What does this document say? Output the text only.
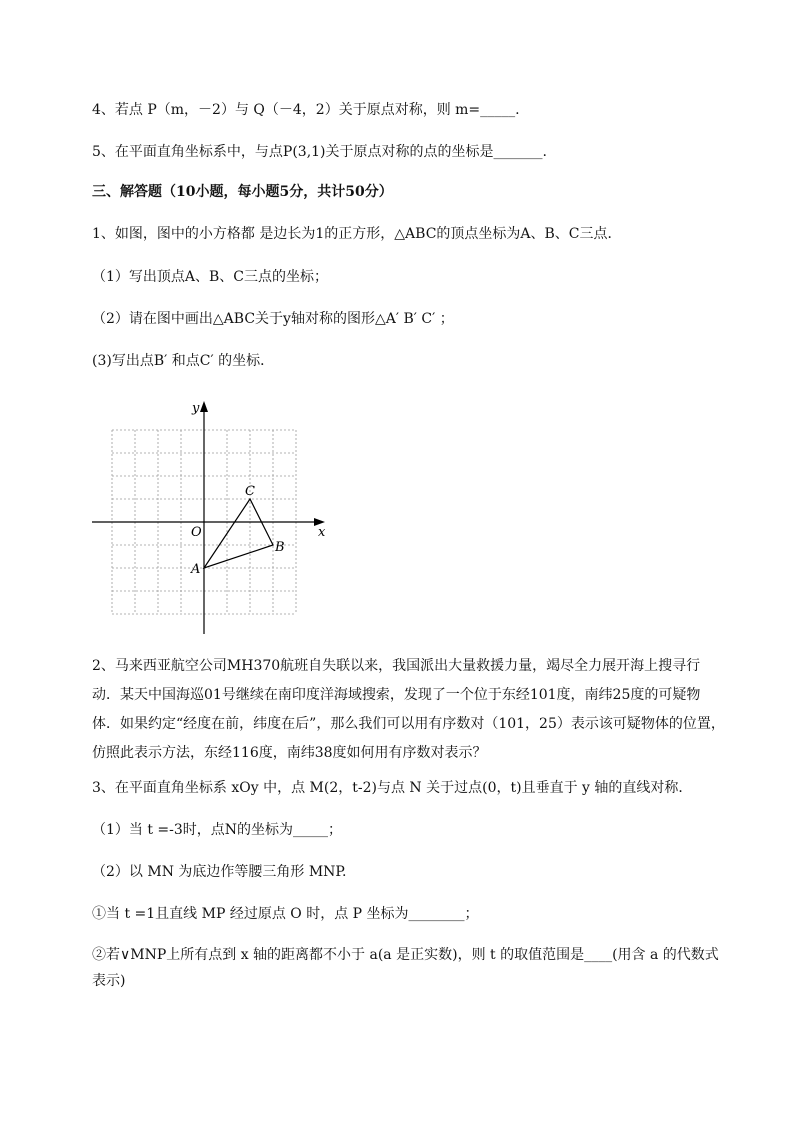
4、若点 P（m，－2）与 Q（－4，2）关于原点对称，则 m=_____.
5、在平面直角坐标系中，与点P(3,1)关于原点对称的点的坐标是_______.
三、解答题（10小题，每小题5分，共计50分）
1、如图，图中的小方格都 是边长为1的正方形，△ABC的顶点坐标为A、B、C三点．
（1）写出顶点A、B、C三点的坐标；
（2）请在图中画出△ABC关于y轴对称的图形△A′ B′ C′ ；
(3)写出点B′ 和点C′ 的坐标．
x
y
O
A
B
C
2、马来西亚航空公司MH370航班自失联以来，我国派出大量救援力量，竭尽全力展开海上搜寻行动．某天中国海巡01号继续在南印度洋海域搜索，发现了一个位于东经101度，南纬25度的可疑物体．如果约定“经度在前，纬度在后”，那么我们可以用有序数对（101，25）表示该可疑物体的位置，仿照此表示方法，东经116度，南纬38度如何用有序数对表示？
3、在平面直角坐标系 xOy 中，点 M(2，t-2)与点 N 关于过点(0，t)且垂直于 y 轴的直线对称．
（1）当 t =-3时，点N的坐标为_____；
（2）以 MN 为底边作等腰三角形 MNP.
①当 t =1且直线 MP 经过原点 O 时，点 P 坐标为________；
②若∨MNP上所有点到 x 轴的距离都不小于 a(a 是正实数)，则 t 的取值范围是____(用含 a 的代数式表示)
